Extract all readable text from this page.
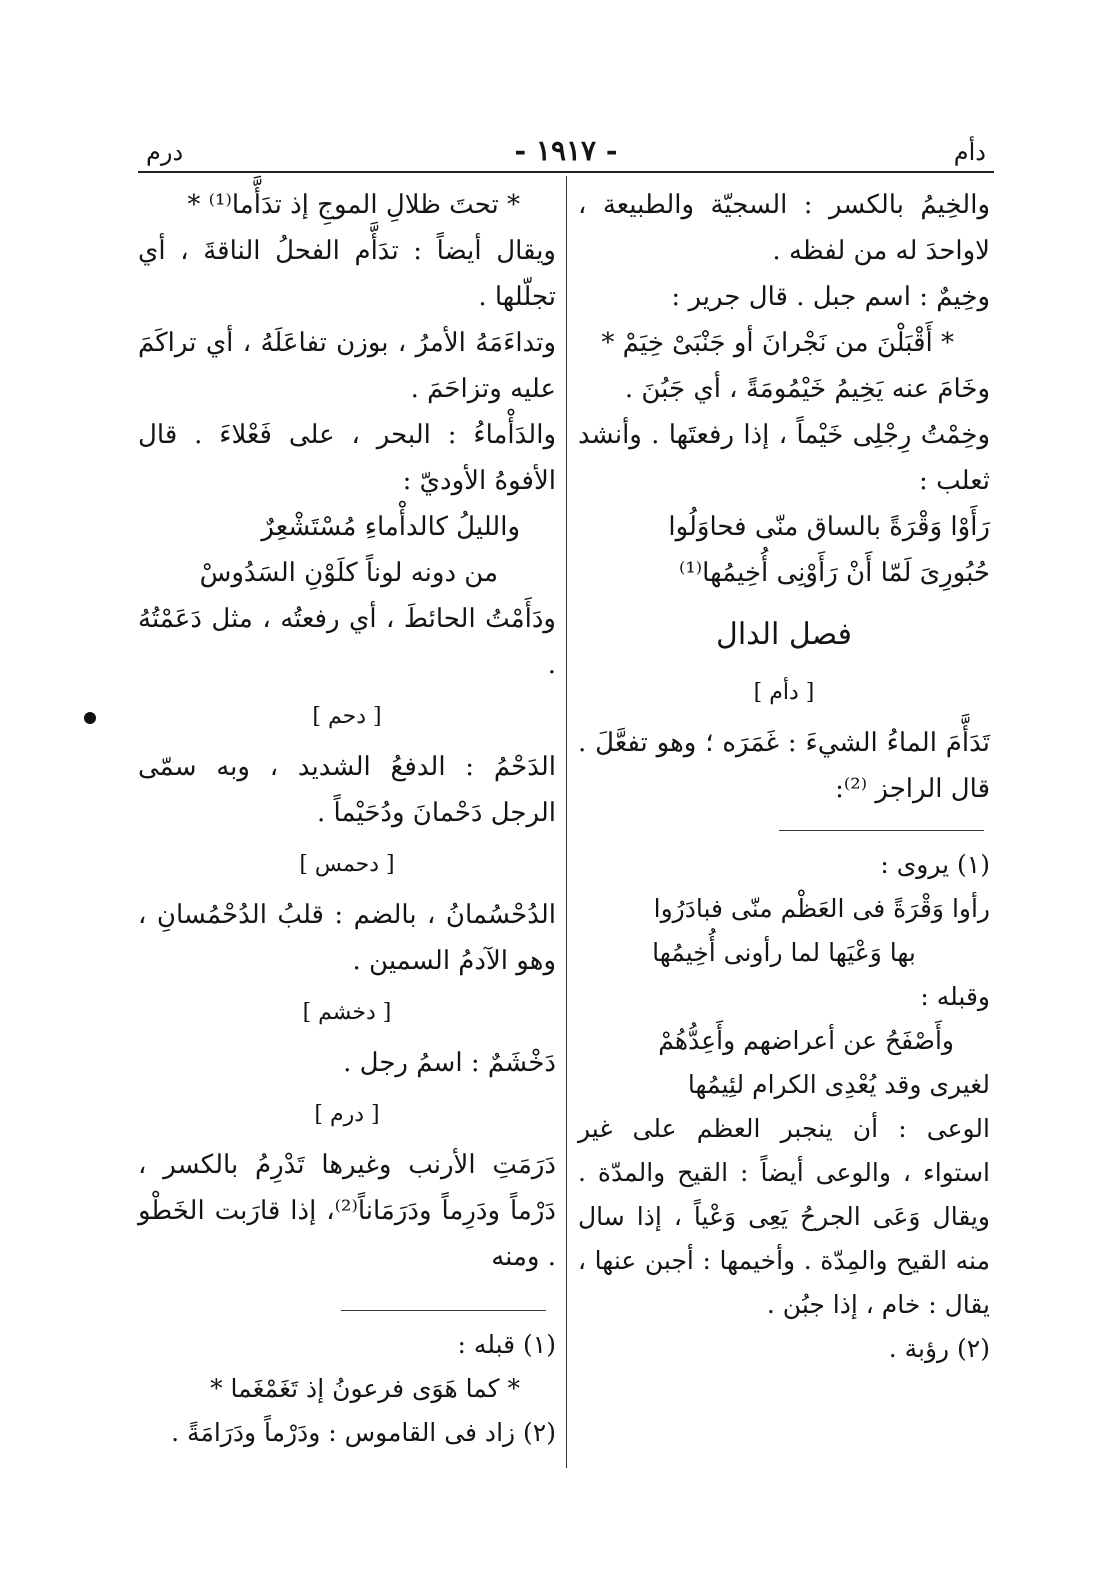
درم	- ١٩١٧ -	دأم

والخِيمُ بالكسر : السجيّة والطبيعة ، لاواحدَ له من لفظه .

وخِيمٌ : اسم جبل . قال جرير :

* أَقْبَلْنَ من نَجْرانَ أو جَنْبَىْ خِيَمْ *

وخَامَ عنه يَخِيمُ خَيْمُومَةً ، أي جَبُنَ .

وخِمْتُ رِجْلِى خَيْماً ، إذا رفعتَها . وأنشد ثعلب :

رَأَوْا وَقْرَةً بالساق منّى فحاوَلُوا

حُبُورِىَ لَمّا أَنْ رَأَوْنِى أُخِيمُها⁽¹⁾

فصل الدال
[ دأم ]

تَدَأَّمَ الماءُ الشيءَ : غَمَرَه ؛ وهو تفعَّلَ . قال الراجز ⁽²⁾:

(١) يروى :

رأوا وَقْرَةً فى العَظْم منّى فبادَرُوا

بها وَعْيَها لما رأونى أُخِيمُها

وقبله :

وأَصْفَحُ عن أعراضهم وأَعِدُّهُمْ

لغيرى وقد يُعْدِى الكرام لئِيمُها

الوعى : أن ينجبر العظم على غير استواء ، والوعى أيضاً : القيح والمدّة . ويقال وَعَى الجرحُ يَعِى وَعْياً ، إذا سال منه القيح والمِدّة . وأخيمها : أجبن عنها ، يقال : خام ، إذا جبُن .

(٢) رؤبة .

* تحتَ ظلالِ الموجِ إذ تدَأَّما⁽¹⁾ *

ويقال أيضاً : تدَأَّم الفحلُ الناقةَ ، أي تجلّلها .

وتداءَمَهُ الأمرُ ، بوزن تفاعَلَهُ ، أي تراكَمَ عليه وتزاحَمَ .

والدَأْماءُ : البحر ، على فَعْلاءَ . قال الأفوهُ الأوديّ :

والليلُ كالدأْماءِ مُسْتَشْعِرٌ

من دونه لوناً كلَوْنِ السَدُوسْ

ودَأَمْتُ الحائطَ ، أي رفعتُه ، مثل دَعَمْتُهُ .

[ دحم ]

الدَحْمُ : الدفعُ الشديد ، وبه سمّى الرجل دَحْمانَ ودُحَيْماً .

[ دحمس ]

الدُحْسُمانُ ، بالضم : قلبُ الدُحْمُسانِ ، وهو الآدمُ السمين .

[ دخشم ]

دَخْشَمٌ : اسمُ رجل .

[ درم ]

دَرَمَتِ الأرنب وغيرها تَدْرِمُ بالكسر ، دَرْماً ودَرِماً ودَرَمَاناً⁽²⁾، إذا قارَبت الخَطْو . ومنه

(١) قبله :

* كما هَوَى فرعونُ إذ تَغَمْغَما *

(٢) زاد فى القاموس : ودَرْماً ودَرَامَةً .
